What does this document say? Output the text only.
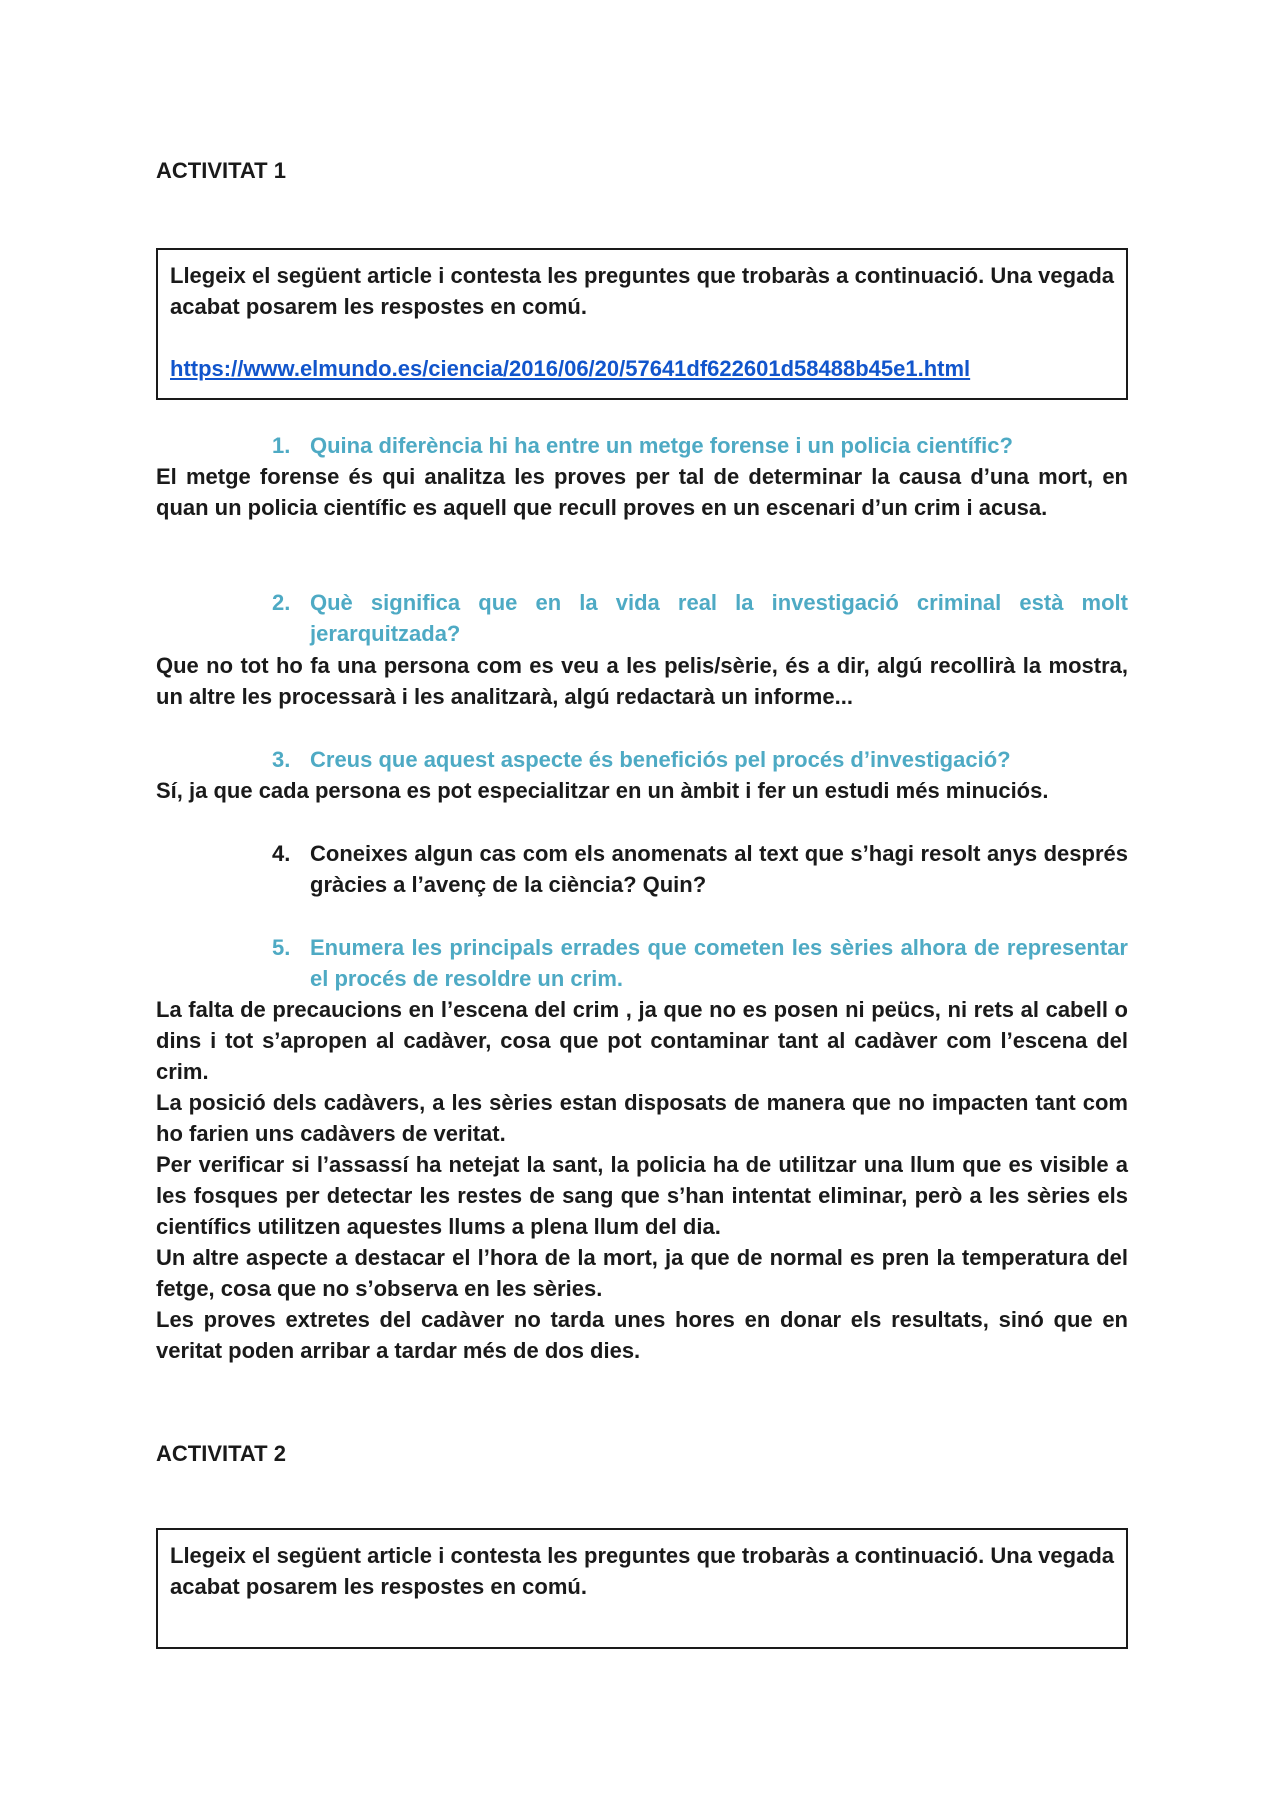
ACTIVITAT 1

Llegeix el següent article i contesta les preguntes que trobaràs a continuació. Una vegada acabat posarem les respostes en comú.

https://www.elmundo.es/ciencia/2016/06/20/57641df622601d58488b45e1.html
1. Quina diferència hi ha entre un metge forense i un policia científic?

El metge forense és qui analitza les proves per tal de determinar la causa d’una mort, en quan un policia científic es aquell que recull proves en un escenari d’un crim i acusa.

2. Què significa que en la vida real la investigació criminal està molt jerarquitzada?

Que no tot ho fa una persona com es veu a les pelis/sèrie, és a dir, algú recollirà la mostra, un altre les processarà i les analitzarà, algú redactarà un informe...

3. Creus que aquest aspecte és beneficiós pel procés d’investigació?

Sí, ja que cada persona es pot especialitzar en un àmbit i fer un estudi més minuciós.

4. Coneixes algun cas com els anomenats al text que s’hagi resolt anys després gràcies a l’avenç de la ciència? Quin?
5. Enumera les principals errades que cometen les sèries alhora de representar el procés de resoldre un crim.

La falta de precaucions en l’escena del crim , ja que no es posen ni peücs, ni rets al cabell o dins i tot s’apropen al cadàver, cosa que pot contaminar tant al cadàver com l’escena del crim.

La posició dels cadàvers, a les sèries estan disposats de manera que no impacten tant com ho farien uns cadàvers de veritat.

Per verificar si l’assassí ha netejat la sant, la policia ha de utilitzar una llum que es visible a les fosques per detectar les restes de sang que s’han intentat eliminar, però a les sèries els científics utilitzen aquestes llums a plena llum del dia.

Un altre aspecte a destacar el l’hora de la mort, ja que de normal es pren la temperatura del fetge, cosa que no s’observa en les sèries.

Les proves extretes del cadàver no tarda unes hores en donar els resultats, sinó que en veritat poden arribar a tardar més de dos dies.

ACTIVITAT 2

Llegeix el següent article i contesta les preguntes que trobaràs a continuació. Una vegada acabat posarem les respostes en comú.
